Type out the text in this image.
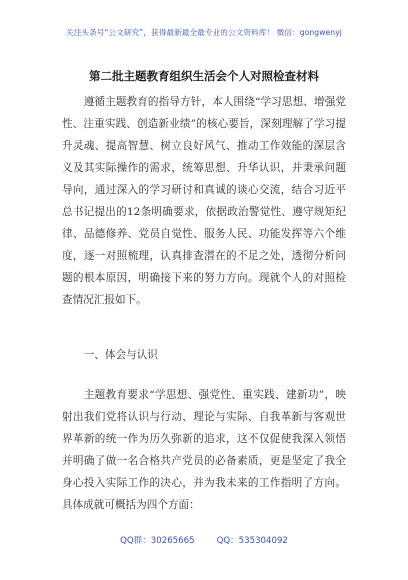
关注头条号“公文研究”，获得最新最全最专业的公文资料库！ 微信：gongwenyj
第二批主题教育组织生活会个人对照检查材料
遵循主题教育的指导方针，本人围绕“学习思想、增强党性、注重实践、创造新业绩”的核心要旨，深刻理解了学习提升灵魂、提高智慧、树立良好风气、推动工作效能的深层含义及其实际操作的需求，统筹思想、升华认识，并秉承问题导向，通过深入的学习研讨和真诚的谈心交流，结合习近平总书记提出的12条明确要求，依据政治警觉性、遵守规矩纪律、品德修养、党员自觉性、服务人民、功能发挥等六个维度，逐一对照梳理，认真排查潜在的不足之处，透彻分析问题的根本原因，明确接下来的努力方向。现就个人的对照检查情况汇报如下。
一、体会与认识
主题教育要求“学思想、强党性、重实践、建新功”，映射出我们党将认识与行动、理论与实际、自我革新与客观世界革新的统一作为历久弥新的追求，这不仅促使我深入领悟并明确了做一名合格共产党员的必备素质，更是坚定了我全身心投入实际工作的决心，并为我未来的工作指明了方向。具体成就可概括为四个方面：
QQ群：30265665	QQ：535304092
